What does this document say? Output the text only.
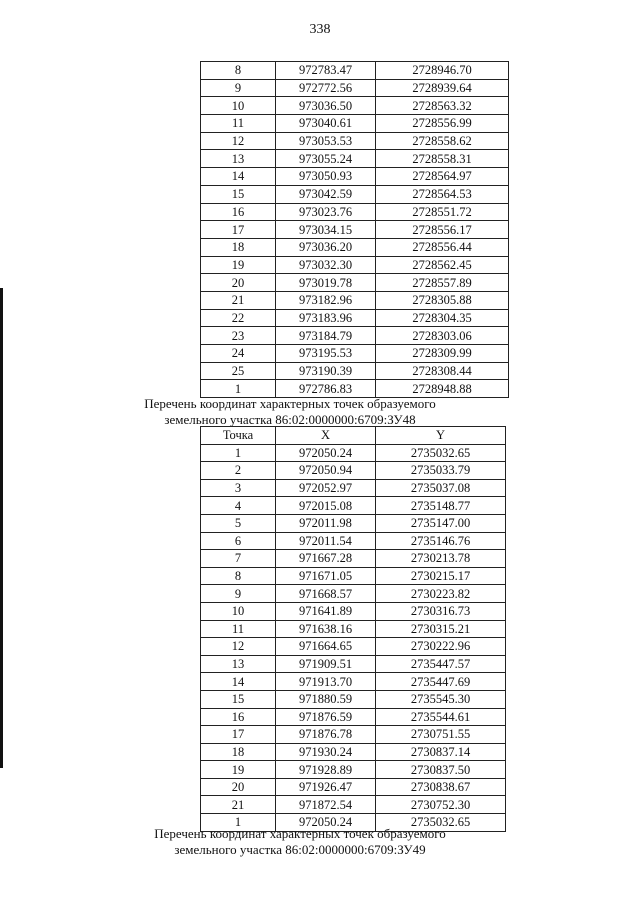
338
8	972783.47	2728946.70
9	972772.56	2728939.64
10	973036.50	2728563.32
11	973040.61	2728556.99
12	973053.53	2728558.62
13	973055.24	2728558.31
14	973050.93	2728564.97
15	973042.59	2728564.53
16	973023.76	2728551.72
17	973034.15	2728556.17
18	973036.20	2728556.44
19	973032.30	2728562.45
20	973019.78	2728557.89
21	973182.96	2728305.88
22	973183.96	2728304.35
23	973184.79	2728303.06
24	973195.53	2728309.99
25	973190.39	2728308.44
1	972786.83	2728948.88
Перечень координат характерных точек образуемого
земельного участка 86:02:0000000:6709:ЗУ48
Точка	X	Y
1	972050.24	2735032.65
2	972050.94	2735033.79
3	972052.97	2735037.08
4	972015.08	2735148.77
5	972011.98	2735147.00
6	972011.54	2735146.76
7	971667.28	2730213.78
8	971671.05	2730215.17
9	971668.57	2730223.82
10	971641.89	2730316.73
11	971638.16	2730315.21
12	971664.65	2730222.96
13	971909.51	2735447.57
14	971913.70	2735447.69
15	971880.59	2735545.30
16	971876.59	2735544.61
17	971876.78	2730751.55
18	971930.24	2730837.14
19	971928.89	2730837.50
20	971926.47	2730838.67
21	971872.54	2730752.30
1	972050.24	2735032.65
Перечень координат характерных точек образуемого
земельного участка 86:02:0000000:6709:ЗУ49
